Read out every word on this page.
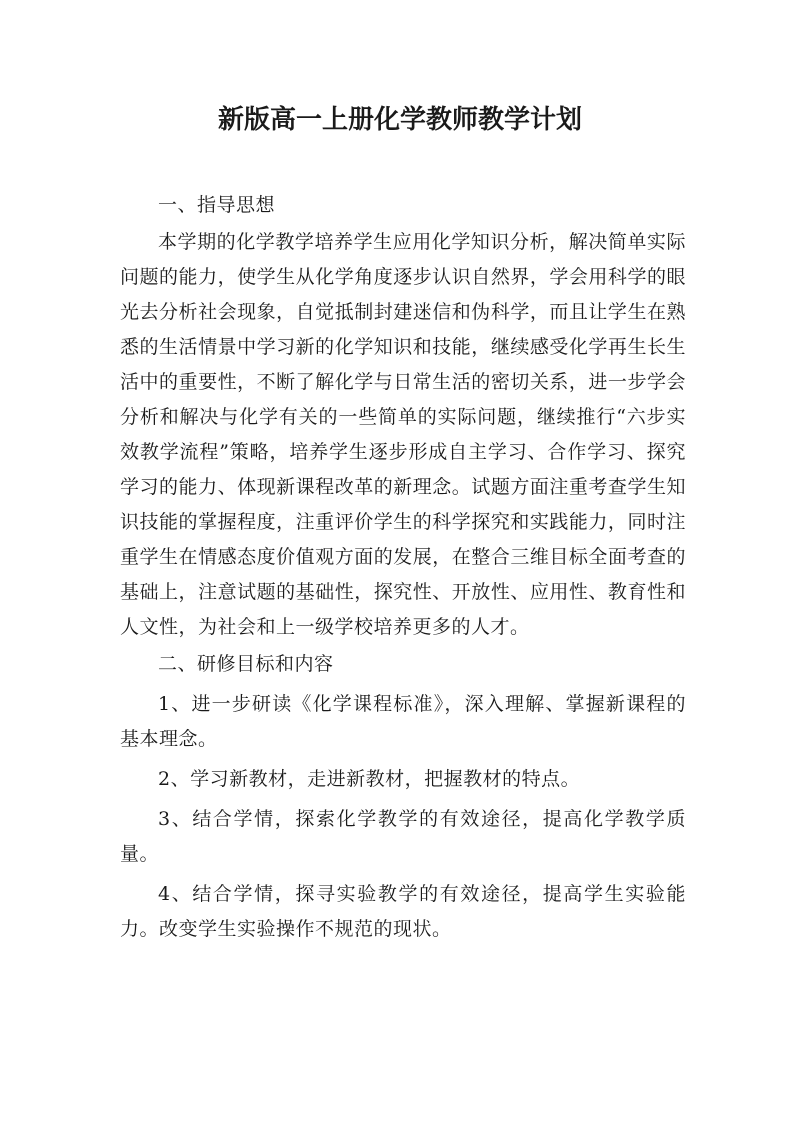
新版高一上册化学教师教学计划

一、指导思想

本学期的化学教学培养学生应用化学知识分析，解决简单实际问题的能力，使学生从化学角度逐步认识自然界，学会用科学的眼光去分析社会现象，自觉抵制封建迷信和伪科学，而且让学生在熟悉的生活情景中学习新的化学知识和技能，继续感受化学再生长生活中的重要性，不断了解化学与日常生活的密切关系，进一步学会分析和解决与化学有关的一些简单的实际问题，继续推行“六步实效教学流程”策略，培养学生逐步形成自主学习、合作学习、探究学习的能力、体现新课程改革的新理念。试题方面注重考查学生知识技能的掌握程度，注重评价学生的科学探究和实践能力，同时注重学生在情感态度价值观方面的发展，在整合三维目标全面考查的基础上，注意试题的基础性，探究性、开放性、应用性、教育性和人文性，为社会和上一级学校培养更多的人才。

二、研修目标和内容

1、进一步研读《化学课程标准》，深入理解、掌握新课程的基本理念。

2、学习新教材，走进新教材，把握教材的特点。

3、结合学情，探索化学教学的有效途径，提高化学教学质量。

4、结合学情，探寻实验教学的有效途径，提高学生实验能力。改变学生实验操作不规范的现状。
